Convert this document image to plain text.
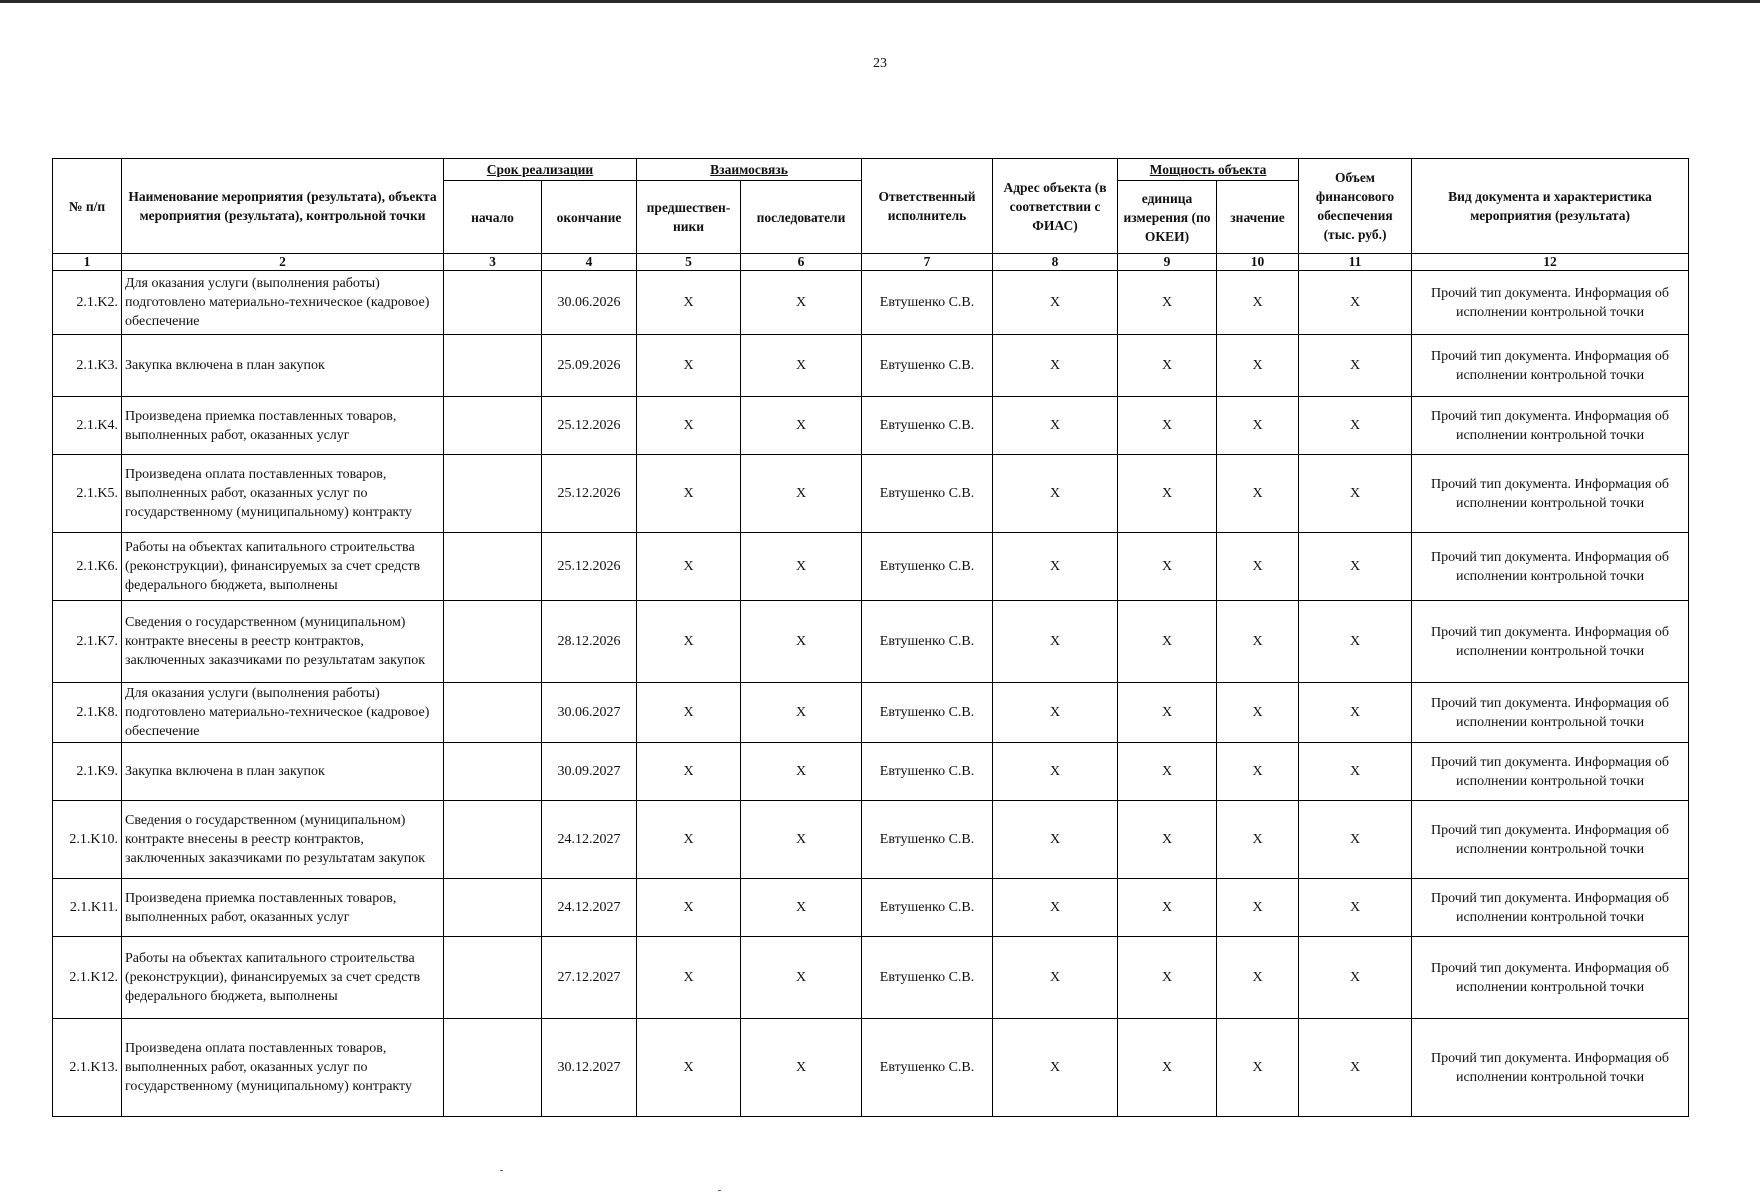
23
№ п/п	Наименование мероприятия (результата), объекта мероприятия (результата), контрольной точки	Срок реализации		Взаимосвязь		Ответственный исполнитель	Адрес объекта (в соответствии с ФИАС)	Мощность объекта		Объем финансового обеспечения (тыс. руб.)	Вид документа и характеристика мероприятия (результата)
		начало	окончание	предшествен-ники	последователи			единица измерения (по ОКЕИ)	значение		
1	2	3	4	5	6	7	8	9	10	11	12
2.1.K2.	Для оказания услуги (выполнения работы) подготовлено материально-техническое (кадровое) обеспечение		30.06.2026	X	X	Евтушенко С.В.	X	X	X	X	Прочий тип документа. Информация об исполнении контрольной точки
2.1.K3.	Закупка включена в план закупок		25.09.2026	X	X	Евтушенко С.В.	X	X	X	X	Прочий тип документа. Информация об исполнении контрольной точки
2.1.K4.	Произведена приемка поставленных товаров, выполненных работ, оказанных услуг		25.12.2026	X	X	Евтушенко С.В.	X	X	X	X	Прочий тип документа. Информация об исполнении контрольной точки
2.1.K5.	Произведена оплата поставленных товаров, выполненных работ, оказанных услуг по государственному (муниципальному) контракту		25.12.2026	X	X	Евтушенко С.В.	X	X	X	X	Прочий тип документа. Информация об исполнении контрольной точки
2.1.K6.	Работы на объектах капитального строительства (реконструкции), финансируемых за счет средств федерального бюджета, выполнены		25.12.2026	X	X	Евтушенко С.В.	X	X	X	X	Прочий тип документа. Информация об исполнении контрольной точки
2.1.K7.	Сведения о государственном (муниципальном) контракте внесены в реестр контрактов, заключенных заказчиками по результатам закупок		28.12.2026	X	X	Евтушенко С.В.	X	X	X	X	Прочий тип документа. Информация об исполнении контрольной точки
2.1.K8.	Для оказания услуги (выполнения работы) подготовлено материально-техническое (кадровое) обеспечение		30.06.2027	X	X	Евтушенко С.В.	X	X	X	X	Прочий тип документа. Информация об исполнении контрольной точки
2.1.K9.	Закупка включена в план закупок		30.09.2027	X	X	Евтушенко С.В.	X	X	X	X	Прочий тип документа. Информация об исполнении контрольной точки
2.1.K10.	Сведения о государственном (муниципальном) контракте внесены в реестр контрактов, заключенных заказчиками по результатам закупок		24.12.2027	X	X	Евтушенко С.В.	X	X	X	X	Прочий тип документа. Информация об исполнении контрольной точки
2.1.K11.	Произведена приемка поставленных товаров, выполненных работ, оказанных услуг		24.12.2027	X	X	Евтушенко С.В.	X	X	X	X	Прочий тип документа. Информация об исполнении контрольной точки
2.1.K12.	Работы на объектах капитального строительства (реконструкции), финансируемых за счет средств федерального бюджета, выполнены		27.12.2027	X	X	Евтушенко С.В.	X	X	X	X	Прочий тип документа. Информация об исполнении контрольной точки
2.1.K13.	Произведена оплата поставленных товаров, выполненных работ, оказанных услуг по государственному (муниципальному) контракту		30.12.2027	X	X	Евтушенко С.В.	X	X	X	X	Прочий тип документа. Информация об исполнении контрольной точки
